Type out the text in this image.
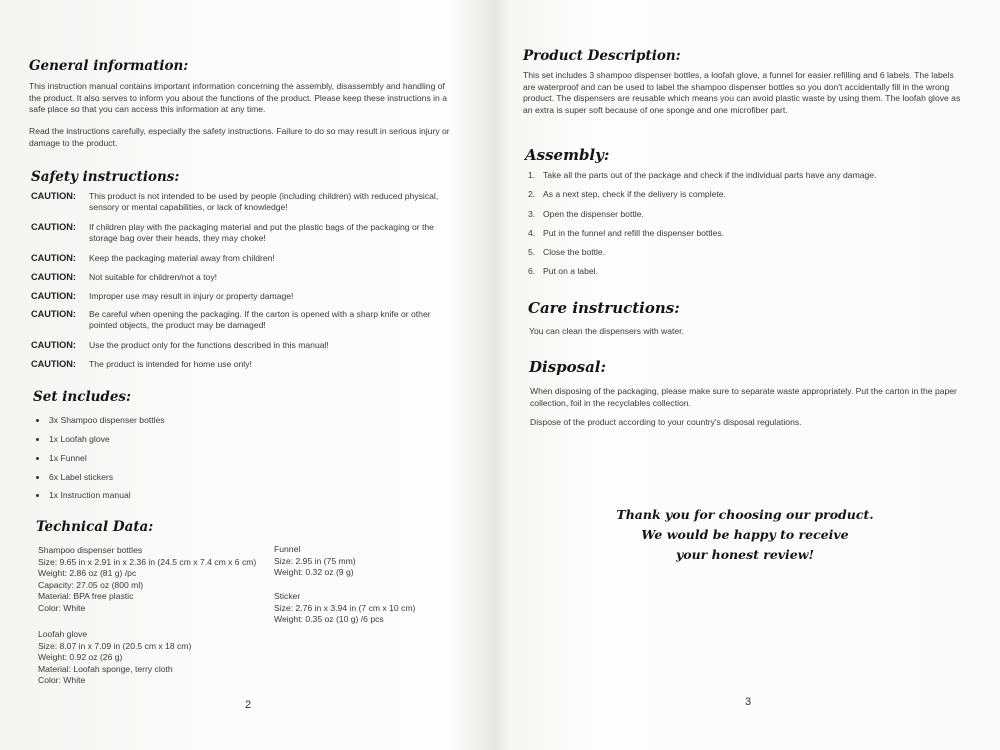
General information:
This instruction manual contains important information concerning the assembly, disassembly and handling of the product. It also serves to inform you about the functions of the product. Please keep these instructions in a safe place so that you can access this information at any time.
Read the instructions carefully, especially the safety instructions. Failure to do so may result in serious injury or damage to the product.
Safety instructions:
CAUTION: This product is not intended to be used by people (including children) with reduced physical, sensory or mental capabilities, or lack of knowledge!
CAUTION: If children play with the packaging material and put the plastic bags of the packaging or the storage bag over their heads, they may choke!
CAUTION: Keep the packaging material away from children!
CAUTION: Not suitable for children/not a toy!
CAUTION: Improper use may result in injury or property damage!
CAUTION: Be careful when opening the packaging. If the carton is opened with a sharp knife or other pointed objects, the product may be damaged!
CAUTION: Use the product only for the functions described in this manual!
CAUTION: The product is intended for home use only!
Set includes:
3x Shampoo dispenser bottles
1x Loofah glove
1x Funnel
6x Label stickers
1x Instruction manual
Technical Data:
Shampoo dispenser bottles
Size: 9.65 in x 2.91 in x 2.36 in (24.5 cm x 7.4 cm x 6 cm)
Weight: 2.86 oz (81 g) /pc
Capacity: 27.05 oz (800 ml)
Material: BPA free plastic
Color: White
Loofah glove
Size: 8.07 in x 7.09 in (20.5 cm x 18 cm)
Weight: 0.92 oz (26 g)
Material: Loofah sponge, terry cloth
Color: White
Funnel
Size: 2.95 in (75 mm)
Weight: 0.32 oz (9 g)
Sticker
Size: 2.76 in x 3.94 in (7 cm x 10 cm)
Weight: 0.35 oz (10 g) /6 pcs
2
Product Description:
This set includes 3 shampoo dispenser bottles, a loofah glove, a funnel for easier refilling and 6 labels. The labels are waterproof and can be used to label the shampoo dispenser bottles so you don't accidentally fill in the wrong product. The dispensers are reusable which means you can avoid plastic waste by using them. The loofah glove as an extra is super soft because of one sponge and one microfiber part.
Assembly:
1. Take all the parts out of the package and check if the individual parts have any damage.
2. As a next step, check if the delivery is complete.
3. Open the dispenser bottle.
4. Put in the funnel and refill the dispenser bottles.
5. Close the bottle.
6. Put on a label.
Care instructions:
You can clean the dispensers with water.
Disposal:
When disposing of the packaging, please make sure to separate waste appropriately. Put the carton in the paper collection, foil in the recyclables collection.
Dispose of the product according to your country's disposal regulations.
Thank you for choosing our product.
We would be happy to receive
your honest review!
3
